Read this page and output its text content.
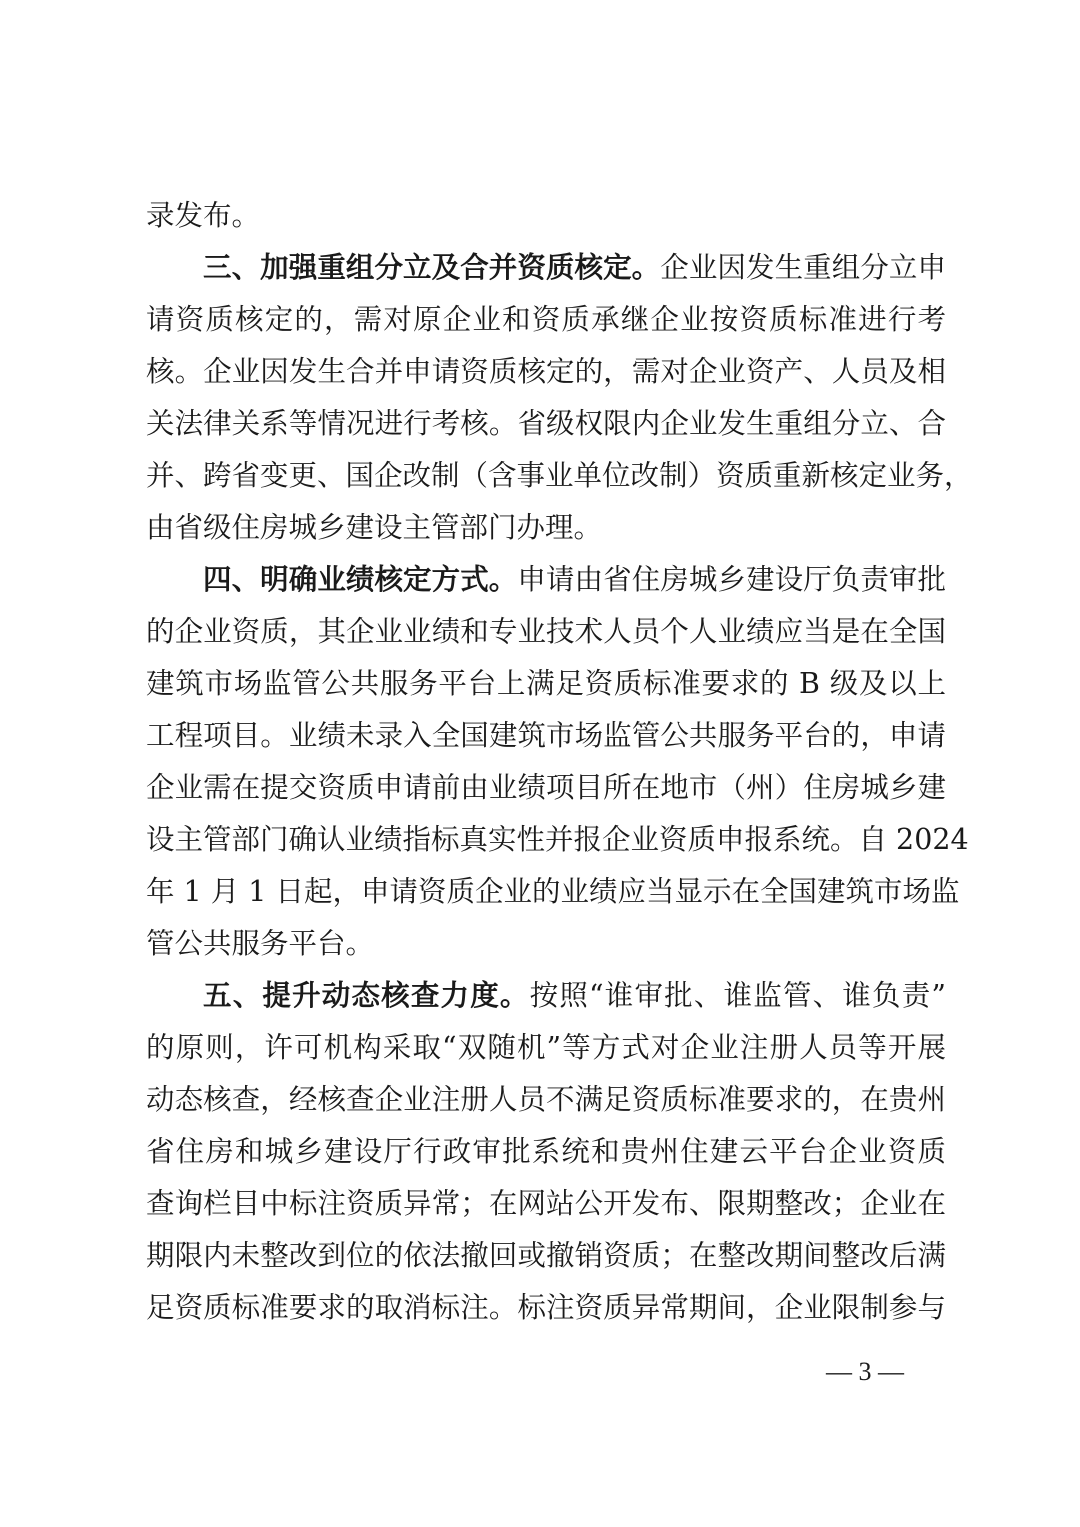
录发布。
三、加强重组分立及合并资质核定。企业因发生重组分立申
请资质核定的，需对原企业和资质承继企业按资质标准进行考
核。企业因发生合并申请资质核定的，需对企业资产、人员及相
关法律关系等情况进行考核。省级权限内企业发生重组分立、合
并、跨省变更、国企改制（含事业单位改制）资质重新核定业务，
由省级住房城乡建设主管部门办理。
四、明确业绩核定方式。申请由省住房城乡建设厅负责审批
的企业资质，其企业业绩和专业技术人员个人业绩应当是在全国
建筑市场监管公共服务平台上满足资质标准要求的 B 级及以上
工程项目。业绩未录入全国建筑市场监管公共服务平台的，申请
企业需在提交资质申请前由业绩项目所在地市（州）住房城乡建
设主管部门确认业绩指标真实性并报企业资质申报系统。自 2024
年 1 月 1 日起，申请资质企业的业绩应当显示在全国建筑市场监
管公共服务平台。
五、提升动态核查力度。按照“谁审批、谁监管、谁负责”
的原则，许可机构采取“双随机”等方式对企业注册人员等开展
动态核查，经核查企业注册人员不满足资质标准要求的，在贵州
省住房和城乡建设厅行政审批系统和贵州住建云平台企业资质
查询栏目中标注资质异常；在网站公开发布、限期整改；企业在
期限内未整改到位的依法撤回或撤销资质；在整改期间整改后满
足资质标准要求的取消标注。标注资质异常期间，企业限制参与
— 3 —
